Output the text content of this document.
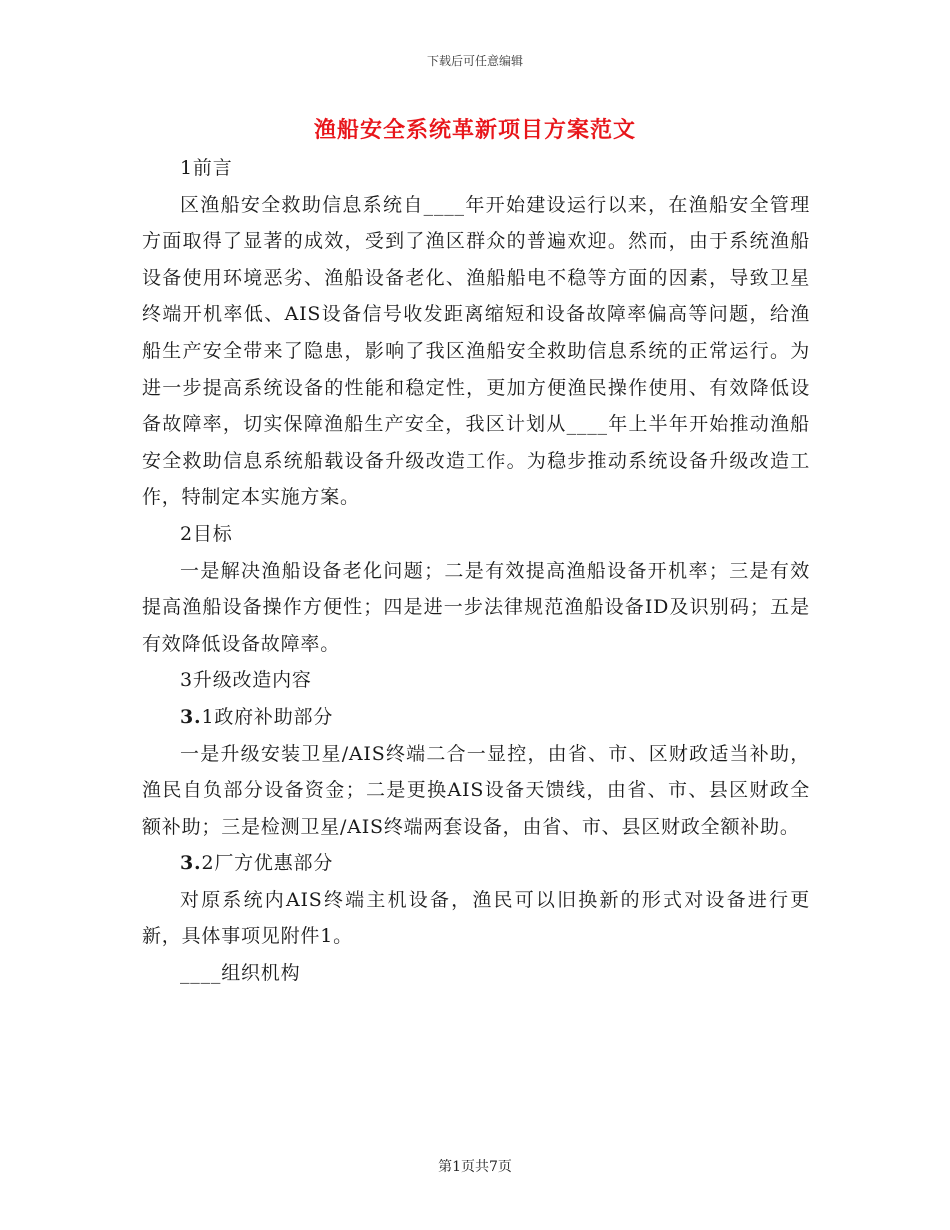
下载后可任意编辑
渔船安全系统革新项目方案范文

1前言

区渔船安全救助信息系统自____年开始建设运行以来，在渔船安全管理方面取得了显著的成效，受到了渔区群众的普遍欢迎。然而，由于系统渔船设备使用环境恶劣、渔船设备老化、渔船船电不稳等方面的因素，导致卫星终端开机率低、AIS设备信号收发距离缩短和设备故障率偏高等问题，给渔船生产安全带来了隐患，影响了我区渔船安全救助信息系统的正常运行。为进一步提高系统设备的性能和稳定性，更加方便渔民操作使用、有效降低设备故障率，切实保障渔船生产安全，我区计划从____年上半年开始推动渔船安全救助信息系统船载设备升级改造工作。为稳步推动系统设备升级改造工作，特制定本实施方案。

2目标

一是解决渔船设备老化问题；二是有效提高渔船设备开机率；三是有效提高渔船设备操作方便性；四是进一步法律规范渔船设备ID及识别码；五是有效降低设备故障率。

3升级改造内容

3.1政府补助部分

一是升级安装卫星/AIS终端二合一显控，由省、市、区财政适当补助，渔民自负部分设备资金；二是更换AIS设备天馈线，由省、市、县区财政全额补助；三是检测卫星/AIS终端两套设备，由省、市、县区财政全额补助。

3.2厂方优惠部分

对原系统内AIS终端主机设备，渔民可以旧换新的形式对设备进行更新，具体事项见附件1。

____组织机构

第1页共7页
